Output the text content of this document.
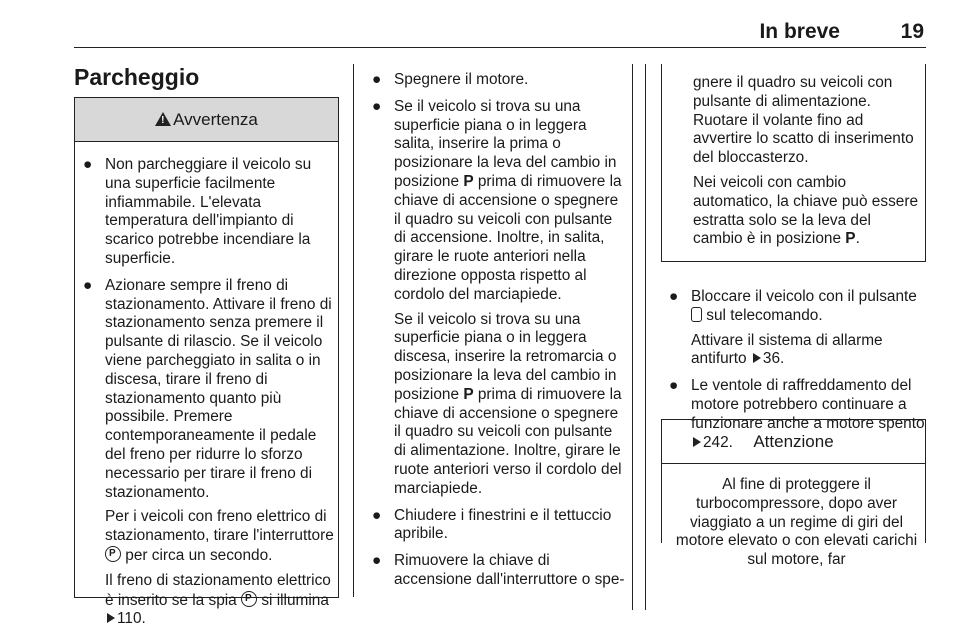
In breve	19
Parcheggio
!
Avvertenza
● Non parcheggiare il veicolo su una superficie facilmente infiammabile. L'elevata temperatura dell'impianto di scarico potrebbe incendiare la superficie.

● Azionare sempre il freno di stazionamento. Attivare il freno di stazionamento senza premere il pulsante di rilascio. Se il veicolo viene parcheggiato in salita o in discesa, tirare il freno di stazionamento quanto più possibile. Premere contemporaneamente il pedale del freno per ridurre lo sforzo necessario per tirare il freno di stazionamento.

Per i veicoli con freno elettrico di stazionamento, tirare l'interruttore P per circa un secondo.

Il freno di stazionamento elettrico è inserito se la spia P si illumina 110.

● Spegnere il motore.

● Se il veicolo si trova su una superficie piana o in leggera salita, inserire la prima o posizionare la leva del cambio in posizione P prima di rimuovere la chiave di accensione o spegnere il quadro su veicoli con pulsante di accensione. Inoltre, in salita, girare le ruote anteriori nella direzione opposta rispetto al cordolo del marciapiede.

Se il veicolo si trova su una superficie piana o in leggera discesa, inserire la retromarcia o posizionare la leva del cambio in posizione P prima di rimuovere la chiave di accensione o spegnere il quadro su veicoli con pulsante di alimentazione. Inoltre, girare le ruote anteriori verso il cordolo del marciapiede.

● Chiudere i finestrini e il tettuccio apribile.

● Rimuovere la chiave di accensione dall'interruttore o spe-

gnere il quadro su veicoli con pulsante di alimentazione. Ruotare il volante fino ad avvertire lo scatto di inserimento del bloccasterzo.

Nei veicoli con cambio automatico, la chiave può essere estratta solo se la leva del cambio è in posizione P.

● Bloccare il veicolo con il pulsante  sul telecomando.

Attivare il sistema di allarme antifurto 36.

● Le ventole di raffreddamento del motore potrebbero continuare a funzionare anche a motore spento 242.	Attenzione

Al fine di proteggere il turbocompressore, dopo aver viaggiato a un regime di giri del motore elevato o con elevati carichi sul motore, far
